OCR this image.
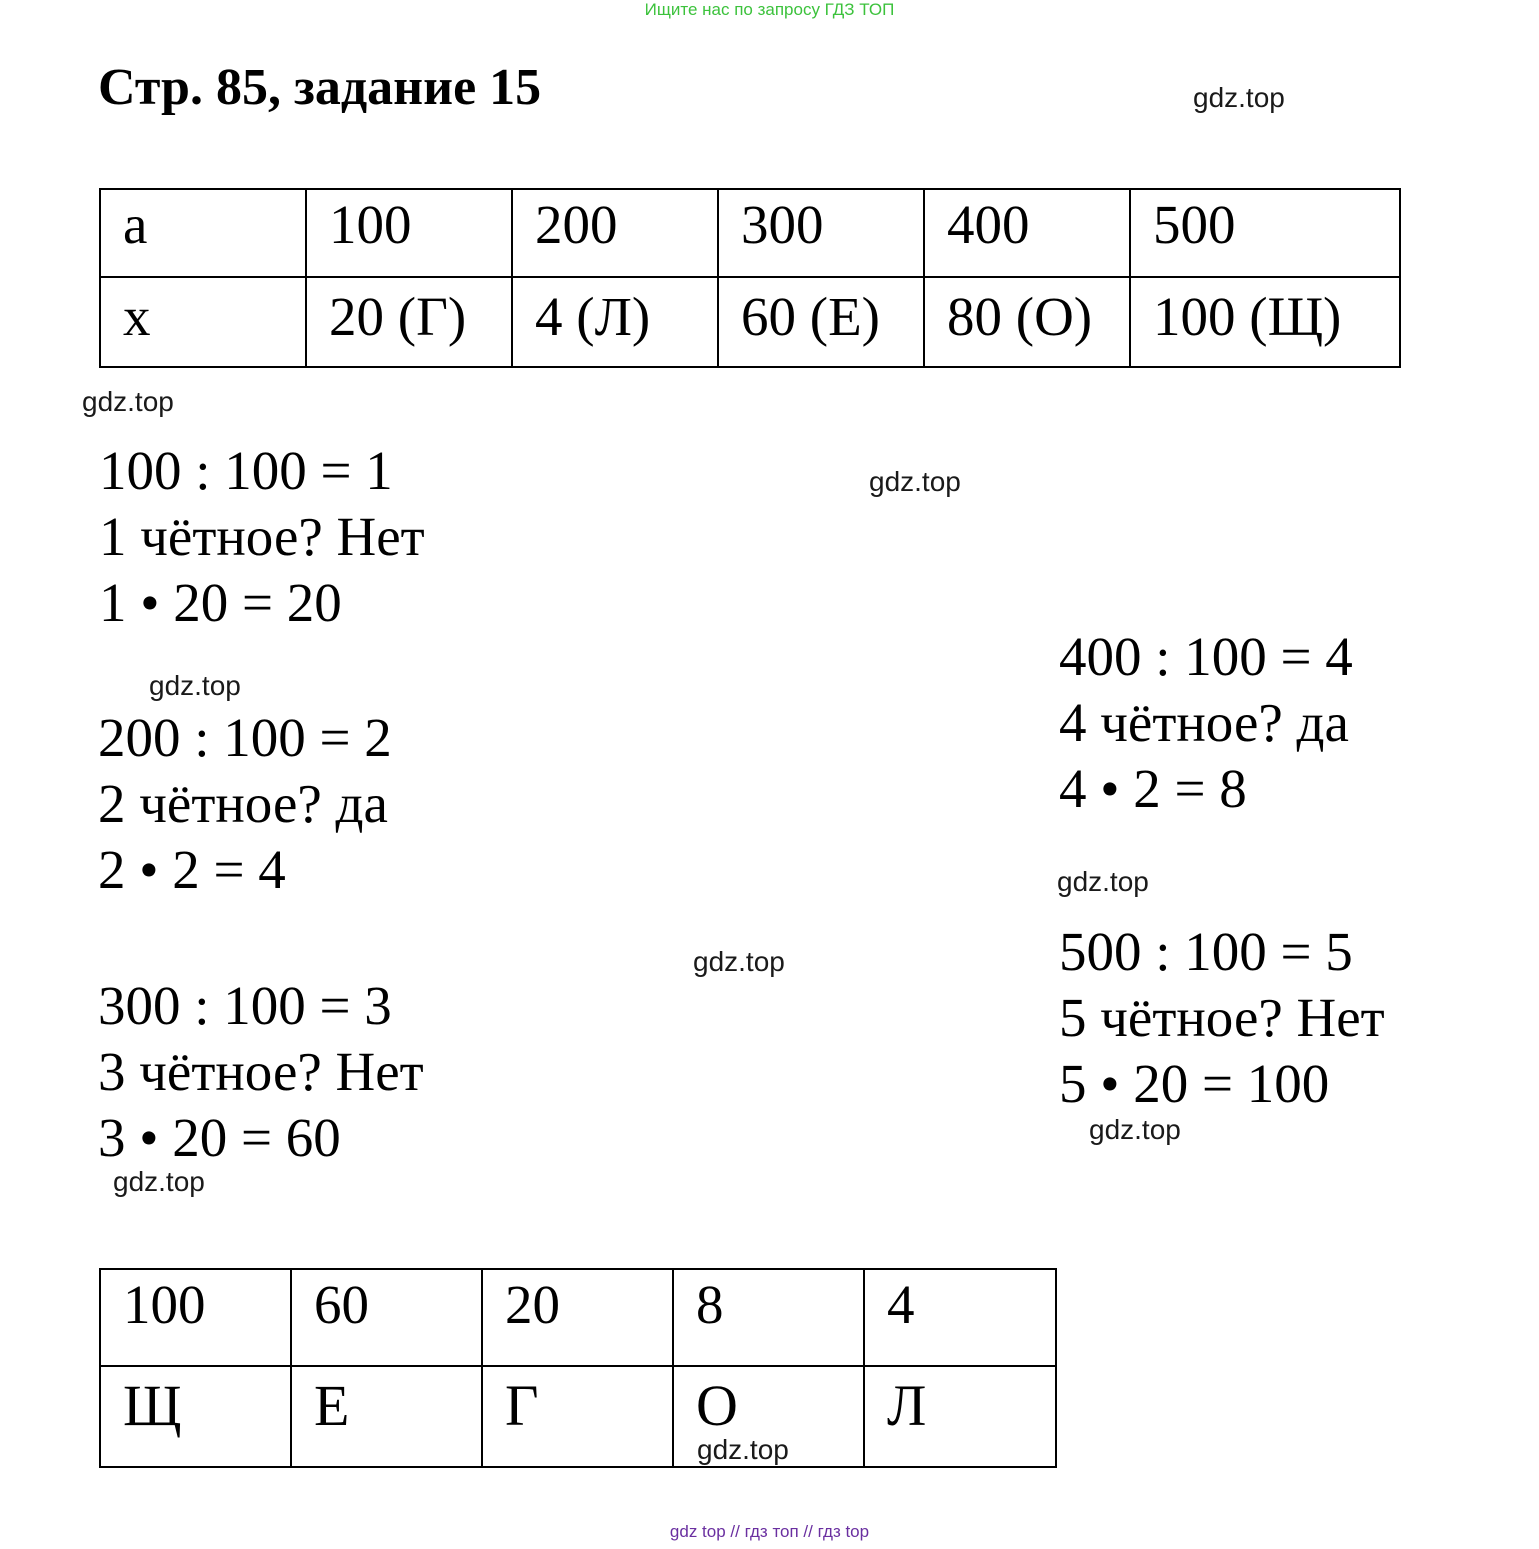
Ищите нас по запросу ГДЗ ТОП
Стр. 85, задание 15	gdz.top
gdz.top
gdz.top
gdz.top
gdz.top
gdz.top
gdz.top
gdz.top
a	100	200	300	400	500
x	20 (Г)	4 (Л)	60 (Е)	80 (О)	100 (Щ)
100 : 100 = 1
1 чётное? Нет
1 • 20 = 20
200 : 100 = 2
2 чётное? да
2 • 2 = 4
300 : 100 = 3
3 чётное? Нет
3 • 20 = 60
400 : 100 = 4
4 чётное? да
4 • 2 = 8
500 : 100 = 5
5 чётное? Нет
5 • 20 = 100
100	60	20	8	4
Щ	Е	Г	О	Л
gdz.top
gdz top // гдз топ // гдз top
